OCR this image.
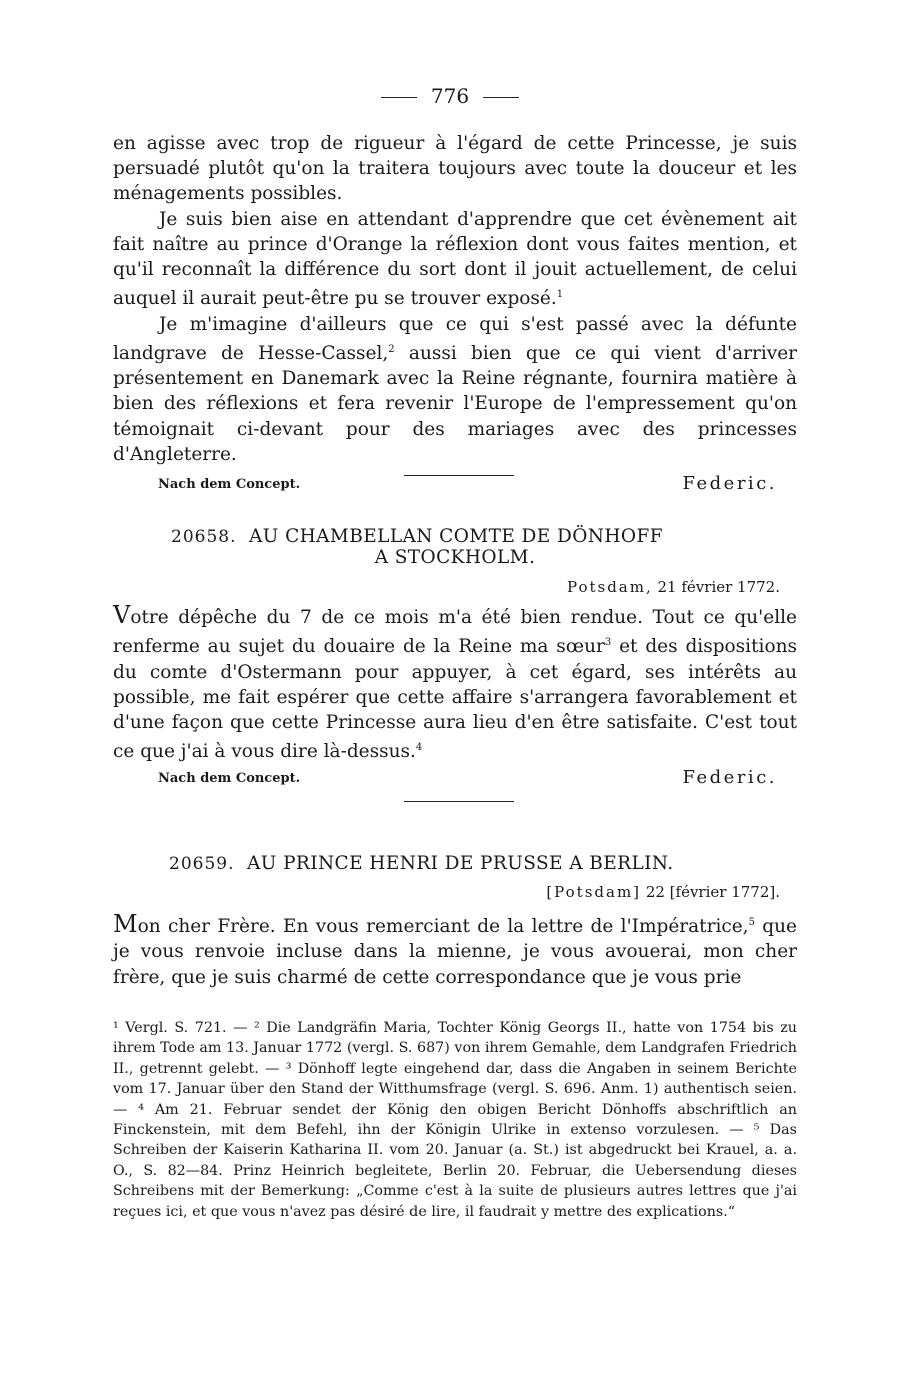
776

en agisse avec trop de rigueur à l'égard de cette Princesse, je suis persuadé plutôt qu'on la traitera toujours avec toute la douceur et les ménagements possibles.

Je suis bien aise en attendant d'apprendre que cet évènement ait fait naître au prince d'Orange la réflexion dont vous faites mention, et qu'il reconnaît la différence du sort dont il jouit actuellement, de celui auquel il aurait peut-être pu se trouver exposé.$^1$

Je m'imagine d'ailleurs que ce qui s'est passé avec la défunte landgrave de Hesse-Cassel,$^2$ aussi bien que ce qui vient d'arriver présentement en Danemark avec la Reine régnante, fournira matière à bien des réflexions et fera revenir l'Europe de l'empressement qu'on témoignait ci-devant pour des mariages avec des princesses d'Angleterre.

Nach dem Concept.	Federic.
20658. AU CHAMBELLAN COMTE DE DÖNHOFF
A STOCKHOLM.
Potsdam, 21 février 1772.

Votre dépêche du 7 de ce mois m'a été bien rendue. Tout ce qu'elle renferme au sujet du douaire de la Reine ma sœur$^3$ et des dispositions du comte d'Ostermann pour appuyer, à cet égard, ses intérêts au possible, me fait espérer que cette affaire s'arrangera favorablement et d'une façon que cette Princesse aura lieu d'en être satisfaite. C'est tout ce que j'ai à vous dire là-dessus.$^4$

Nach dem Concept.	Federic.
20659. AU PRINCE HENRI DE PRUSSE A BERLIN.
[Potsdam] 22 [février 1772].

Mon cher Frère. En vous remerciant de la lettre de l'Impératrice,$^5$ que je vous renvoie incluse dans la mienne, je vous avouerai, mon cher frère, que je suis charmé de cette correspondance que je vous prie

¹ Vergl. S. 721. — ² Die Landgräfin Maria, Tochter König Georgs II., hatte von 1754 bis zu ihrem Tode am 13. Januar 1772 (vergl. S. 687) von ihrem Gemahle, dem Landgrafen Friedrich II., getrennt gelebt. — ³ Dönhoff legte eingehend dar, dass die Angaben in seinem Berichte vom 17. Januar über den Stand der Witthumsfrage (vergl. S. 696. Anm. 1) authentisch seien. — ⁴ Am 21. Februar sendet der König den obigen Bericht Dönhoffs abschriftlich an Finckenstein, mit dem Befehl, ihn der Königin Ulrike in extenso vorzulesen. — ⁵ Das Schreiben der Kaiserin Katharina II. vom 20. Januar (a. St.) ist abgedruckt bei Krauel, a. a. O., S. 82—84. Prinz Heinrich begleitete, Berlin 20. Februar, die Uebersendung dieses Schreibens mit der Bemerkung: „Comme c'est à la suite de plusieurs autres lettres que j'ai reçues ici, et que vous n'avez pas désiré de lire, il faudrait y mettre des explications.“
